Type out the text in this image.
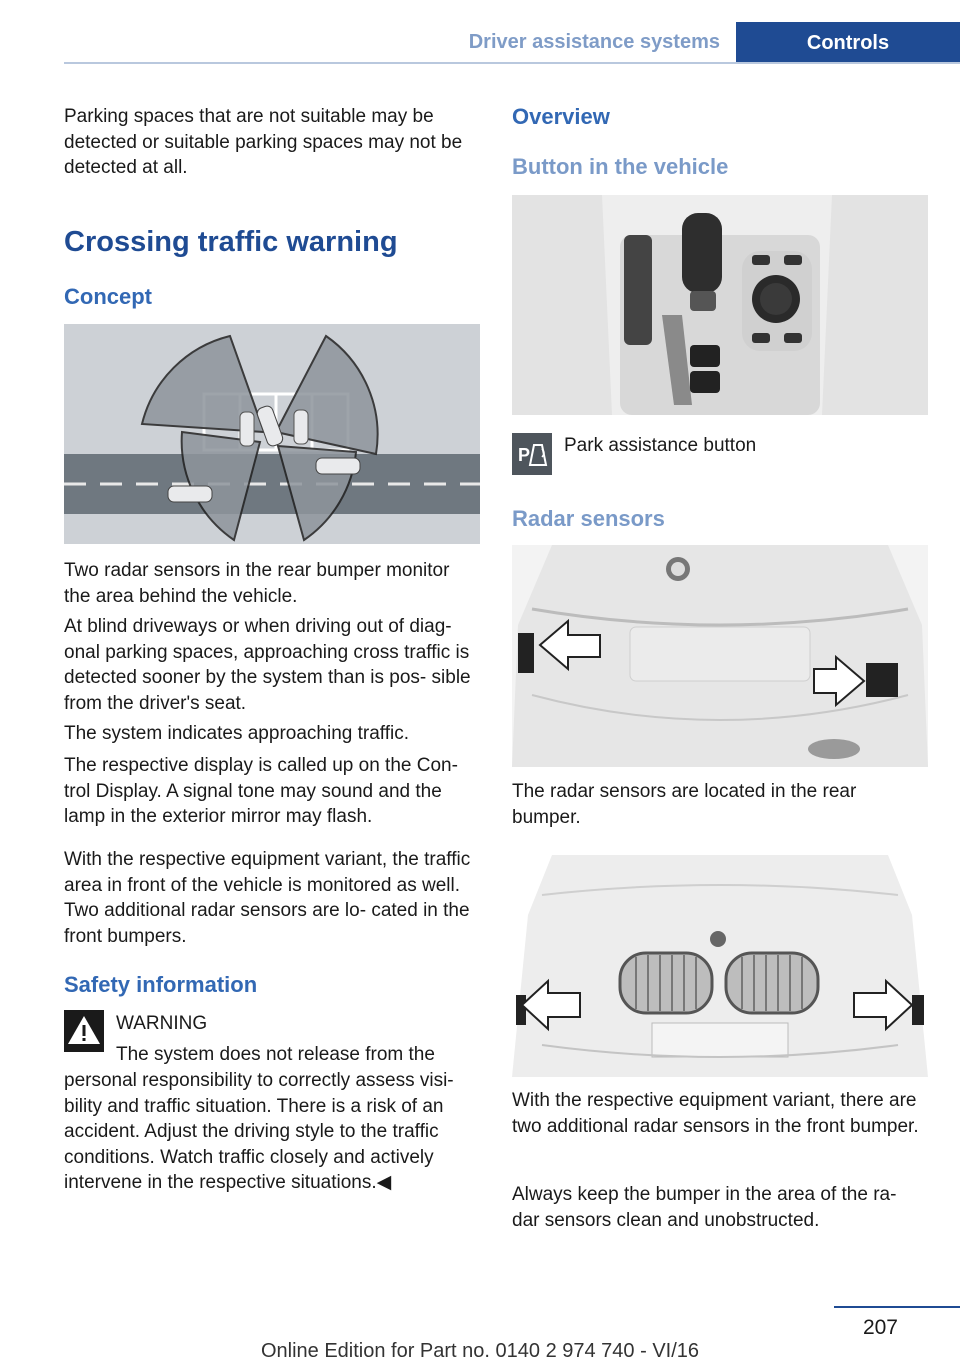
Driver assistance systems	Controls

Parking spaces that are not suitable may be detected or suitable parking spaces may not be detected at all.

Crossing traffic warning
Concept

Two radar sensors in the rear bumper monitor the area behind the vehicle.

At blind driveways or when driving out of diag‐ onal parking spaces, approaching cross traffic is detected sooner by the system than is pos‐ sible from the driver's seat.

The system indicates approaching traffic.

The respective display is called up on the Con‐ trol Display. A signal tone may sound and the lamp in the exterior mirror may flash.

With the respective equipment variant, the traffic area in front of the vehicle is monitored as well. Two additional radar sensors are lo‐ cated in the front bumpers.

Safety information

WARNING

The system does not release from the

personal responsibility to correctly assess visi‐ bility and traffic situation. There is a risk of an accident. Adjust the driving style to the traffic conditions. Watch traffic closely and actively intervene in the respective situations.◀

Overview
Button in the vehicle
P Park assistance button

Radar sensors

The radar sensors are located in the rear bumper.

With the respective equipment variant, there are two additional radar sensors in the front bumper.

Always keep the bumper in the area of the ra‐ dar sensors clean and unobstructed.

207
Online Edition for Part no. 0140 2 974 740 - VI/16
